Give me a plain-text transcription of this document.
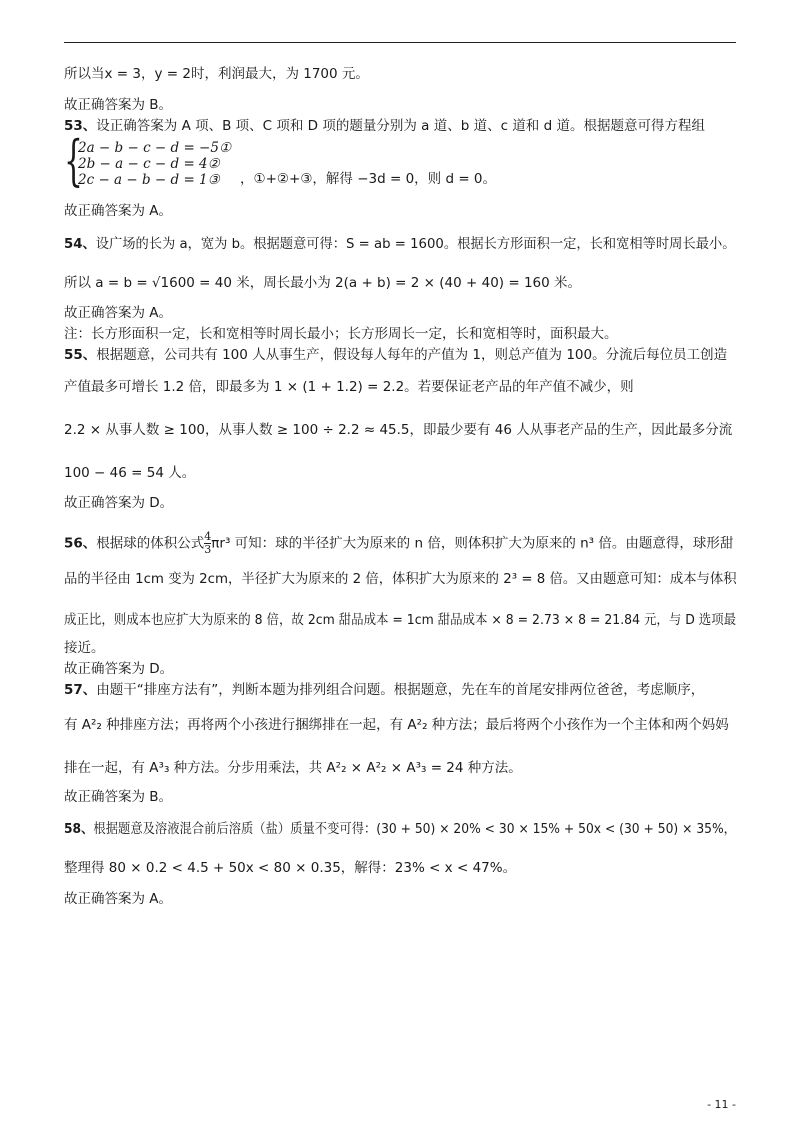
所以当x = 3，y = 2时，利润最大，为 1700 元。
故正确答案为 B。
53、设正确答案为 A 项、B 项、C 项和 D 项的题量分别为 a 道、b 道、c 道和 d 道。根据题意可得方程组
{
2a − b − c − d = −5①
2b − a − c − d = 4②
2c − a − b − d = 1③ ，①+②+③，解得 −3d = 0，则 d = 0。
故正确答案为 A。
54、设广场的长为 a，宽为 b。根据题意可得：S = ab = 1600。根据长方形面积一定，长和宽相等时周长最小。
所以 a = b = √1600 = 40 米，周长最小为 2(a + b) = 2 × (40 + 40) = 160 米。
故正确答案为 A。
注：长方形面积一定，长和宽相等时周长最小；长方形周长一定，长和宽相等时，面积最大。
55、根据题意，公司共有 100 人从事生产，假设每人每年的产值为 1，则总产值为 100。分流后每位员工创造
产值最多可增长 1.2 倍，即最多为 1 × (1 + 1.2) = 2.2。若要保证老产品的年产值不减少，则
2.2 × 从事人数 ≥ 100，从事人数 ≥ 100 ÷ 2.2 ≈ 45.5，即最少要有 46 人从事老产品的生产，因此最多分流
100 − 46 = 54 人。
故正确答案为 D。
56、根据球的体积公式 $\frac{4}{3} \pi r^3$ 可知：球的半径扩大为原来的 n 倍，则体积扩大为原来的 n³ 倍。由题意得，球形甜
品的半径由 1cm 变为 2cm，半径扩大为原来的 2 倍，体积扩大为原来的 2³ = 8 倍。又由题意可知：成本与体积
成正比，则成本也应扩大为原来的 8 倍，故 2cm 甜品成本 = 1cm 甜品成本 × 8 = 2.73 × 8 = 21.84 元，与 D 选项最
接近。
故正确答案为 D。
57、由题干“排座方法有”，判断本题为排列组合问题。根据题意，先在车的首尾安排两位爸爸，考虑顺序，
有 A²₂ 种排座方法；再将两个小孩进行捆绑排在一起，有 A²₂ 种方法；最后将两个小孩作为一个主体和两个妈妈
排在一起，有 A³₃ 种方法。分步用乘法，共 A²₂ × A²₂ × A³₃ = 24 种方法。
故正确答案为 B。
58、根据题意及溶液混合前后溶质（盐）质量不变可得：(30 + 50) × 20% < 30 × 15% + 50x < (30 + 50) × 35%，
整理得 80 × 0.2 < 4.5 + 50x < 80 × 0.35，解得：23% < x < 47%。
故正确答案为 A。
- 11 -
